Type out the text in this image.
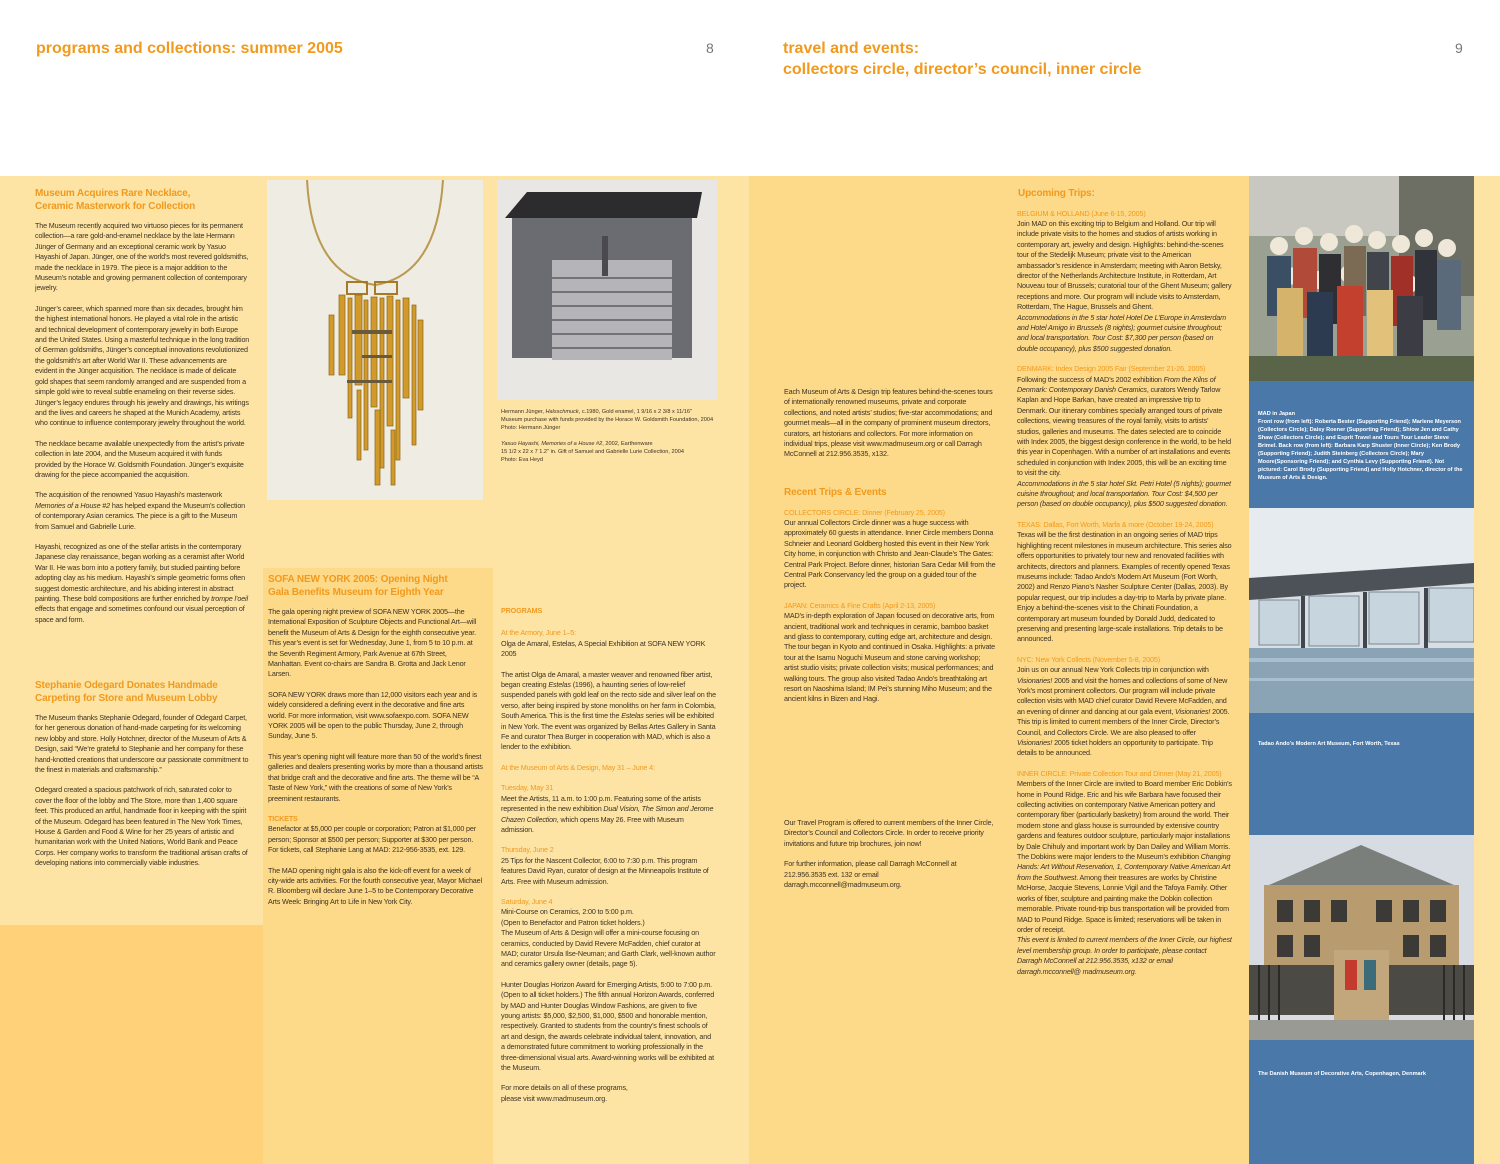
programs and collections: summer 2005	8	travel and events:
collectors circle, director’s council, inner circle
9
Hermann Jünger, Halsschmuck, c.1980, Gold enamel, 1 9/16 x 2 3/8 x 11/16"
Museum purchase with funds provided by the Horace W. Goldsmith Foundation, 2004
Photo: Hermann Jünger
Yasuo Hayashi, Memories of a House #2, 2002, Earthenware
15 1/2 x 22 x 7 1.2" in. Gift of Samuel and Gabrielle Lurie Collection, 2004
Photo: Eva Heyd
Museum Acquires Rare Necklace,
Ceramic Masterwork for Collection

The Museum recently acquired two virtuoso pieces for its permanent collection—a rare gold-and-enamel necklace by the late Hermann Jünger of Germany and an exceptional ceramic work by Yasuo Hayashi of Japan. Jünger, one of the world’s most revered goldsmiths, made the necklace in 1979. The piece is a major addition to the Museum’s notable and growing permanent collection of contemporary jewelry.

Jünger’s career, which spanned more than six decades, brought him the highest international honors. He played a vital role in the artistic and technical development of contemporary jewelry in both Europe and the United States. Using a masterful technique in the long tradition of German goldsmiths, Jünger’s conceptual innovations revolutionized the goldsmith’s art after World War II. These advancements are evident in the Jünger acquisition. The necklace is made of delicate gold shapes that seem randomly arranged and are suspended from a simple gold wire to reveal subtle enameling on their reverse sides. Jünger’s legacy endures through his jewelry and drawings, his writings and the lives and careers he shaped at the Munich Academy, artists who continue to influence contemporary jewelry throughout the world.

The necklace became available unexpectedly from the artist’s private collection in late 2004, and the Museum acquired it with funds provided by the Horace W. Goldsmith Foundation. Jünger’s exquisite drawing for the piece accompanied the acquisition.

The acquisition of the renowned Yasuo Hayashi’s masterwork Memories of a House #2 has helped expand the Museum’s collection of contemporary Asian ceramics. The piece is a gift to the Museum from Samuel and Gabrielle Lurie.

Hayashi, recognized as one of the stellar artists in the contemporary Japanese clay renaissance, began working as a ceramist after World War II. He was born into a pottery family, but studied painting before adopting clay as his medium. Hayashi’s simple geometric forms often suggest domestic architecture, and his abiding interest in abstract painting. These bold compositions are further enriched by trompe l’oeil effects that engage and sometimes confound our visual perception of space and form.

Stephanie Odegard Donates Handmade
Carpeting for Store and Museum Lobby

The Museum thanks Stephanie Odegard, founder of Odegard Carpet, for her generous donation of hand-made carpeting for its welcoming new lobby and store. Holly Hotchner, director of the Museum of Arts & Design, said “We’re grateful to Stephanie and her company for these hand-knotted creations that underscore our passionate commitment to the finest in materials and craftsmanship.”

Odegard created a spacious patchwork of rich, saturated color to cover the floor of the lobby and The Store, more than 1,400 square feet. This produced an artful, handmade floor in keeping with the spirit of the Museum. Odegard has been featured in The New York Times, House & Garden and Food & Wine for her 25 years of artistic and humanitarian work with the United Nations, World Bank and Peace Corps. Her company works to transform the traditional artisan crafts of developing nations into commercially viable industries.

SOFA NEW YORK 2005: Opening Night
Gala Benefits Museum for Eighth Year

The gala opening night preview of SOFA NEW YORK 2005—the International Exposition of Sculpture Objects and Functional Art—will benefit the Museum of Arts & Design for the eighth consecutive year. This year’s event is set for Wednesday, June 1, from 5 to 10 p.m. at the Seventh Regiment Armory, Park Avenue at 67th Street, Manhattan. Event co-chairs are Sandra B. Grotta and Jack Lenor Larsen.

SOFA NEW YORK draws more than 12,000 visitors each year and is widely considered a defining event in the decorative and fine arts world. For more information, visit www.sofaexpo.com. SOFA NEW YORK 2005 will be open to the public Thursday, June 2, through Sunday, June 5.

This year’s opening night will feature more than 50 of the world’s finest galleries and dealers presenting works by more than a thousand artists that bridge craft and the decorative and fine arts. The theme will be “A Taste of New York,” with the creations of some of New York’s preeminent restaurants.

TICKETS

Benefactor at $5,000 per couple or corporation; Patron at $1,000 per person; Sponsor at $500 per person; Supporter at $300 per person. For tickets, call Stephanie Lang at MAD: 212-956-3535, ext. 129.

The MAD opening night gala is also the kick-off event for a week of city-wide arts activities. For the fourth consecutive year, Mayor Michael R. Bloomberg will declare June 1–5 to be Contemporary Decorative Arts Week: Bringing Art to Life in New York City.

PROGRAMS
At the Armory, June 1–5:

Olga de Amaral, Estelas, A Special Exhibition at SOFA NEW YORK 2005

The artist Olga de Amaral, a master weaver and renowned fiber artist, began creating Estelas (1996), a haunting series of low-relief suspended panels with gold leaf on the recto side and silver leaf on the verso, after being inspired by stone monoliths on her farm in Colombia, South America. This is the first time the Estelas series will be exhibited in New York. The event was organized by Bellas Artes Gallery in Santa Fe and curator Thea Burger in cooperation with MAD, which is also a lender to the exhibition.

At the Museum of Arts & Design, May 31 – June 4:

Tuesday, May 31

Meet the Artists, 11 a.m. to 1:00 p.m. Featuring some of the artists represented in the new exhibition Dual Vision, The Simon and Jerome Chazen Collection, which opens May 26. Free with Museum admission.

Thursday, June 2

25 Tips for the Nascent Collector, 6:00 to 7:30 p.m. This program features David Ryan, curator of design at the Minneapolis Institute of Arts. Free with Museum admission.

Saturday, June 4
Mini-Course on Ceramics, 2:00 to 5:00 p.m.
(Open to Benefactor and Patron ticket holders.)

The Museum of Arts & Design will offer a mini-course focusing on ceramics, conducted by David Revere McFadden, chief curator at MAD; curator Ursula Ilse-Neuman; and Garth Clark, well-known author and ceramics gallery owner (details, page 5).

Hunter Douglas Horizon Award for Emerging Artists, 5:00 to 7:00 p.m. (Open to all ticket holders.) The fifth annual Horizon Awards, conferred by MAD and Hunter Douglas Window Fashions, are given to five young artists: $5,000, $2,500, $1,000, $500 and honorable mention, respectively. Granted to students from the country’s finest schools of art and design, the awards celebrate individual talent, innovation, and a demonstrated future commitment to working professionally in the three-dimensional visual arts. Award-winning works will be exhibited at the Museum.

For more details on all of these programs,
please visit www.madmuseum.org.

Each Museum of Arts & Design trip features behind-the-scenes tours of internationally renowned museums, private and corporate collections, and noted artists’ studios; five-star accommodations; and gourmet meals—all in the company of prominent museum directors, curators, art historians and collectors. For more information on individual trips, please visit www.madmuseum.org or call Darragh McConnell at 212.956.3535, x132.

Recent Trips & Events
COLLECTORS CIRCLE: Dinner (February 25, 2005)

Our annual Collectors Circle dinner was a huge success with approximately 60 guests in attendance. Inner Circle members Donna Schneier and Leonard Goldberg hosted this event in their New York City home, in conjunction with Christo and Jean-Claude’s The Gates: Central Park Project. Before dinner, historian Sara Cedar Mill from the Central Park Conservancy led the group on a guided tour of the project.

JAPAN: Ceramics & Fine Crafts (April 2-13, 2005)

MAD’s in-depth exploration of Japan focused on decorative arts, from ancient, traditional work and techniques in ceramic, bamboo basket and glass to contemporary, cutting edge art, architecture and design. The tour began in Kyoto and continued in Osaka. Highlights: a private tour at the Isamu Noguchi Museum and stone carving workshop; artist studio visits; private collection visits; musical performances; and walking tours. The group also visited Tadao Ando’s breathtaking art resort on Naoshima Island; IM Pei’s stunning Miho Museum; and the ancient kilns in Bizen and Hagi.

Our Travel Program is offered to current members of the Inner Circle, Director’s Council and Collectors Circle. In order to receive priority invitations and future trip brochures, join now!

For further information, please call Darragh McConnell at 212.956.3535 ext. 132 or email darragh.mcconnell@madmuseum.org.

Upcoming Trips:
BELGIUM & HOLLAND (June 6-15, 2005)

Join MAD on this exciting trip to Belgium and Holland. Our trip will include private visits to the homes and studios of artists working in contemporary art, jewelry and design. Highlights: behind-the-scenes tour of the Stedelijk Museum; private visit to the American ambassador’s residence in Amsterdam; meeting with Aaron Betsky, director of the Netherlands Architecture Institute, in Rotterdam, Art Nouveau tour of Brussels; curatorial tour of the Ghent Museum; gallery receptions and more. Our program will include visits to Amsterdam, Rotterdam, The Hague, Brussels and Ghent.

Accommodations in the 5 star hotel Hotel De L’Europe in Amsterdam and Hotel Amigo in Brussels (8 nights); gourmet cuisine throughout; and local transportation. Tour Cost: $7,300 per person (based on double occupancy), plus $500 suggested donation.

DENMARK: Index Design 2005 Fair (September 21-26, 2005)

Following the success of MAD’s 2002 exhibition From the Kilns of Denmark: Contemporary Danish Ceramics, curators Wendy Tarlow Kaplan and Hope Barkan, have created an impressive trip to Denmark. Our itinerary combines specially arranged tours of private collections, viewing treasures of the royal family, visits to artists’ studios, galleries and museums. The dates selected are to coincide with Index 2005, the biggest design conference in the world, to be held this year in Copenhagen. With a number of art installations and events scheduled in conjunction with Index 2005, this will be an exciting time to visit the city.

Accommodations in the 5 star hotel Skt. Petri Hotel (5 nights); gourmet cuisine throughout; and local transportation. Tour Cost: $4,500 per person (based on double occupancy), plus $500 suggested donation.

TEXAS: Dallas, Fort Worth, Marfa & more (October 19-24, 2005)

Texas will be the first destination in an ongoing series of MAD trips highlighting recent milestones in museum architecture. This series also offers opportunities to privately tour new and renovated facilities with architects, directors and planners. Examples of recently opened Texas museums include: Tadao Ando’s Modern Art Museum (Fort Worth, 2002) and Renzo Piano’s Nasher Sculpture Center (Dallas, 2003). By popular request, our trip includes a day-trip to Marfa by private plane. Enjoy a behind-the-scenes visit to the Chinati Foundation, a contemporary art museum founded by Donald Judd, dedicated to preserving and presenting large-scale installations. Trip details to be announced.

NYC: New York Collects (November 5-8, 2005)

Join us on our annual New York Collects trip in conjunction with Visionaries! 2005 and visit the homes and collections of some of New York’s most prominent collectors. Our program will include private collection visits with MAD chief curator David Revere McFadden, and an evening of dinner and dancing at our gala event, Visionaries! 2005. This trip is limited to current members of the Inner Circle, Director’s Council, and Collectors Circle. We are also pleased to offer Visionaries! 2005 ticket holders an opportunity to participate. Trip details to be announced.

INNER CIRCLE: Private Collection Tour and Dinner (May 21, 2005)

Members of the Inner Circle are invited to Board member Eric Dobkin’s home in Pound Ridge. Eric and his wife Barbara have focused their collecting activities on contemporary Native American pottery and contemporary fiber (particularly basketry) from around the world. Their modern stone and glass house is surrounded by extensive country gardens and features outdoor sculpture, particularly major installations by Dale Chihuly and important work by Dan Dailey and William Morris. The Dobkins were major lenders to the Museum’s exhibition Changing Hands: Art Without Reservation, 1, Contemporary Native American Art from the Southwest. Among their treasures are works by Christine McHorse, Jacquie Stevens, Lonnie Vigil and the Tafoya Family. Other works of fiber, sculpture and painting make the Dobkin collection memorable. Private round-trip bus transportation will be provided from MAD to Pound Ridge. Space is limited; reservations will be taken in order of receipt.

This event is limited to current members of the Inner Circle, our highest level membership group. In order to participate, please contact Darragh McConnell at 212.956.3535, x132 or email darragh.mcconnell@ madmuseum.org.

MAD in Japan
Front row (from left): Roberta Bester (Supporting Friend); Marlene Meyerson (Collectors Circle); Daisy Roener (Supporting Friend); Shiow Jen and Cathy Shaw (Collectors Circle); and Esprit Travel and Tours Tour Leader Steve Brimel. Back row (from left): Barbara Karp Shuster (Inner Circle); Ken Brody (Supporting Friend); Judith Steinberg (Collectors Circle); Mary Moore(Sponsoring Friend); and Cynthia Levy (Supporting Friend). Not pictured: Carol Brody (Supporting Friend) and Holly Hotchner, director of the Museum of Arts & Design.
Tadao Ando’s Modern Art Museum, Fort Worth, Texas
The Danish Museum of Decorative Arts, Copenhagen, Denmark
